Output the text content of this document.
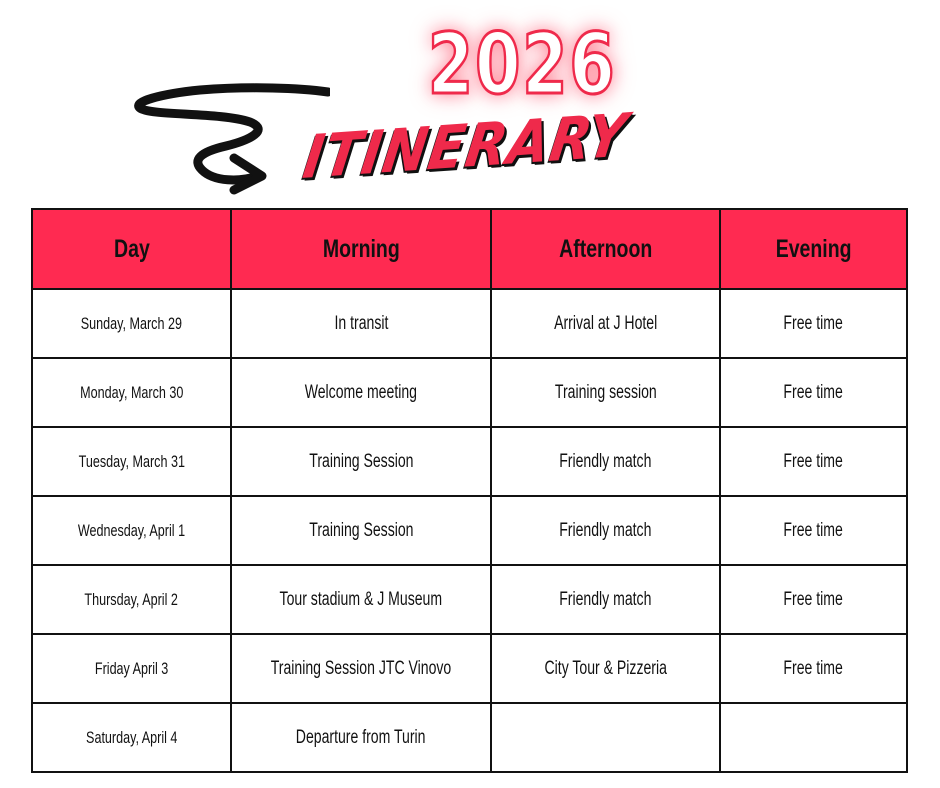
2026
ITINERARY
Day	Morning	Afternoon	Evening
Sunday, March 29	In transit	Arrival at J Hotel	Free time
Monday, March 30	Welcome meeting	Training session	Free time
Tuesday, March 31	Training Session	Friendly match	Free time
Wednesday, April 1	Training Session	Friendly match	Free time
Thursday, April 2	Tour stadium & J Museum	Friendly match	Free time
Friday April 3	Training Session JTC Vinovo	City Tour & Pizzeria	Free time
Saturday, April 4	Departure from Turin		
